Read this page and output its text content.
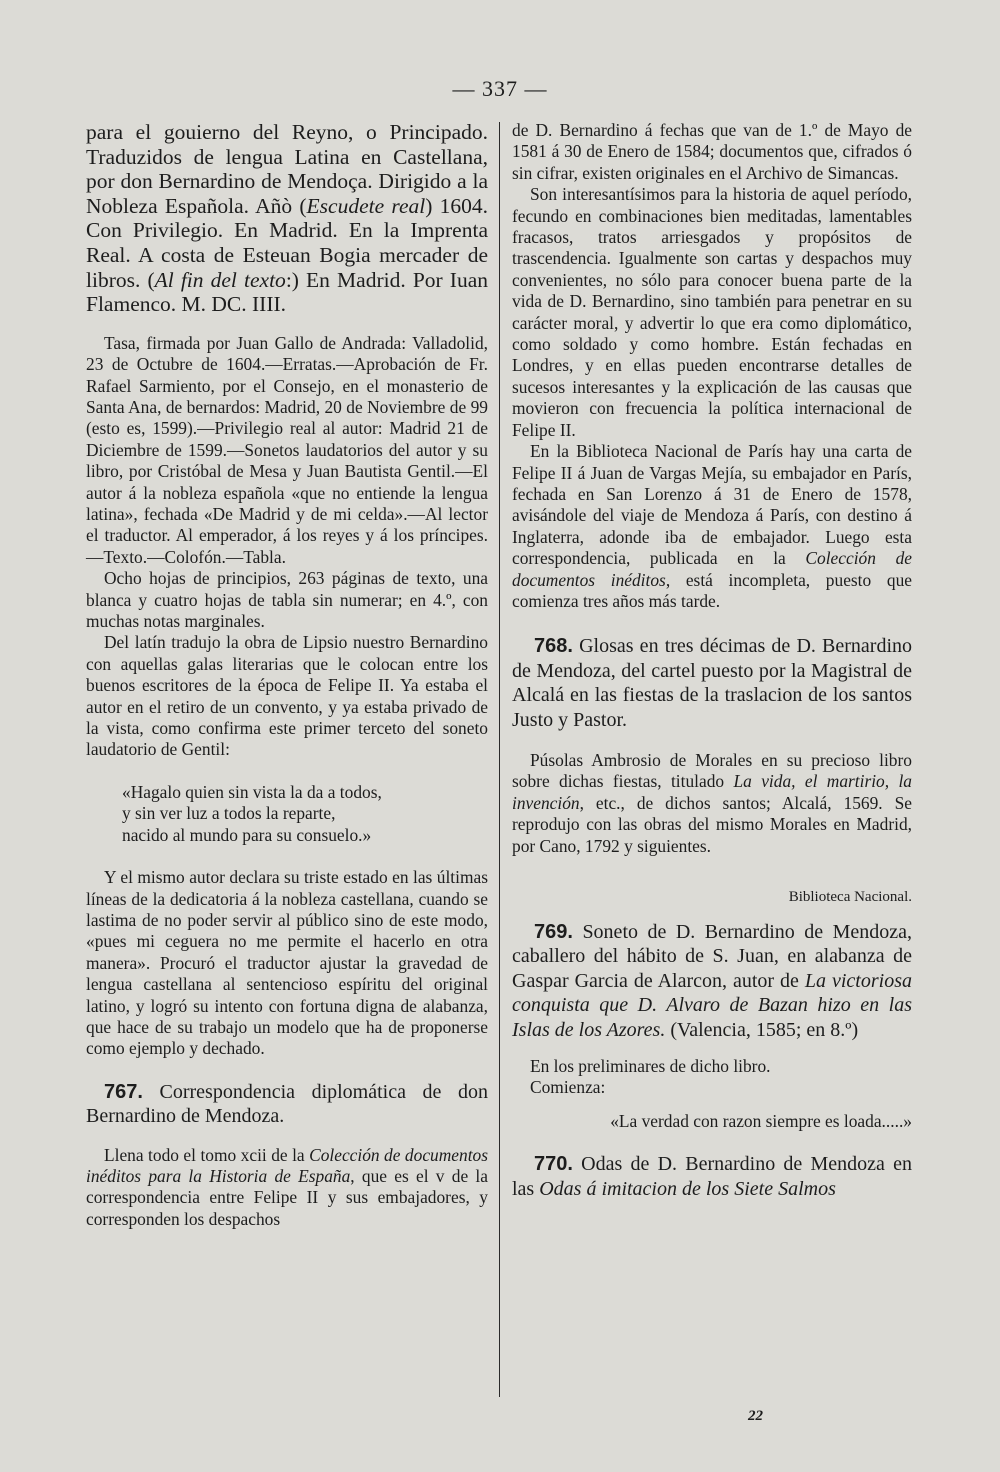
— 337 —

para el gouierno del Reyno, o Principado. Traduzidos de lengua Latina en Castellana, por don Bernardino de Mendoça. Dirigido a la Nobleza Española. Añò (Escudete real) 1604. Con Privilegio. En Madrid. En la Imprenta Real. A costa de Esteuan Bogia mercader de libros. (Al fin del texto:) En Madrid. Por Iuan Flamenco. M. DC. IIII.

Tasa, firmada por Juan Gallo de Andrada: Valladolid, 23 de Octubre de 1604.—Erratas.—Aprobación de Fr. Rafael Sarmiento, por el Consejo, en el monasterio de Santa Ana, de bernardos: Madrid, 20 de Noviembre de 99 (esto es, 1599).—Privilegio real al autor: Madrid 21 de Diciembre de 1599.—Sonetos laudatorios del autor y su libro, por Cristóbal de Mesa y Juan Bautista Gentil.—El autor á la nobleza española «que no entiende la lengua latina», fechada «De Madrid y de mi celda».—Al lector el traductor. Al emperador, á los reyes y á los príncipes.—Texto.—Colofón.—Tabla.

Ocho hojas de principios, 263 páginas de texto, una blanca y cuatro hojas de tabla sin numerar; en 4.º, con muchas notas marginales.

Del latín tradujo la obra de Lipsio nuestro Bernardino con aquellas galas literarias que le colocan entre los buenos escritores de la época de Felipe II. Ya estaba el autor en el retiro de un convento, y ya estaba privado de la vista, como confirma este primer terceto del soneto laudatorio de Gentil:

«Hagalo quien sin vista la da a todos,
y sin ver luz a todos la reparte,
nacido al mundo para su consuelo.»

Y el mismo autor declara su triste estado en las últimas líneas de la dedicatoria á la nobleza castellana, cuando se lastima de no poder servir al público sino de este modo, «pues mi ceguera no me permite el hacerlo en otra manera». Procuró el traductor ajustar la gravedad de lengua castellana al sentencioso espíritu del original latino, y logró su intento con fortuna digna de alabanza, que hace de su trabajo un modelo que ha de proponerse como ejemplo y dechado.

767. Correspondencia diplomática de don Bernardino de Mendoza.

Llena todo el tomo xcii de la Colección de documentos inéditos para la Historia de España, que es el v de la correspondencia entre Felipe II y sus embajadores, y corresponden los despachos

de D. Bernardino á fechas que van de 1.º de Mayo de 1581 á 30 de Enero de 1584; documentos que, cifrados ó sin cifrar, existen originales en el Archivo de Simancas.

Son interesantísimos para la historia de aquel período, fecundo en combinaciones bien meditadas, lamentables fracasos, tratos arriesgados y propósitos de trascendencia. Igualmente son cartas y despachos muy convenientes, no sólo para conocer buena parte de la vida de D. Bernardino, sino también para penetrar en su carácter moral, y advertir lo que era como diplomático, como soldado y como hombre. Están fechadas en Londres, y en ellas pueden encontrarse detalles de sucesos interesantes y la explicación de las causas que movieron con frecuencia la política internacional de Felipe II.

En la Biblioteca Nacional de París hay una carta de Felipe II á Juan de Vargas Mejía, su embajador en París, fechada en San Lorenzo á 31 de Enero de 1578, avisándole del viaje de Mendoza á París, con destino á Inglaterra, adonde iba de embajador. Luego esta correspondencia, publicada en la Colección de documentos inéditos, está incompleta, puesto que comienza tres años más tarde.

768. Glosas en tres décimas de D. Bernardino de Mendoza, del cartel puesto por la Magistral de Alcalá en las fiestas de la traslacion de los santos Justo y Pastor.

Púsolas Ambrosio de Morales en su precioso libro sobre dichas fiestas, titulado La vida, el martirio, la invención, etc., de dichos santos; Alcalá, 1569. Se reprodujo con las obras del mismo Morales en Madrid, por Cano, 1792 y siguientes.

Biblioteca Nacional.

769. Soneto de D. Bernardino de Mendoza, caballero del hábito de S. Juan, en alabanza de Gaspar Garcia de Alarcon, autor de La victoriosa conquista que D. Alvaro de Bazan hizo en las Islas de los Azores. (Valencia, 1585; en 8.º)

En los preliminares de dicho libro.

Comienza:

«La verdad con razon siempre es loada.....»

770. Odas de D. Bernardino de Mendoza en las Odas á imitacion de los Siete Salmos

22
